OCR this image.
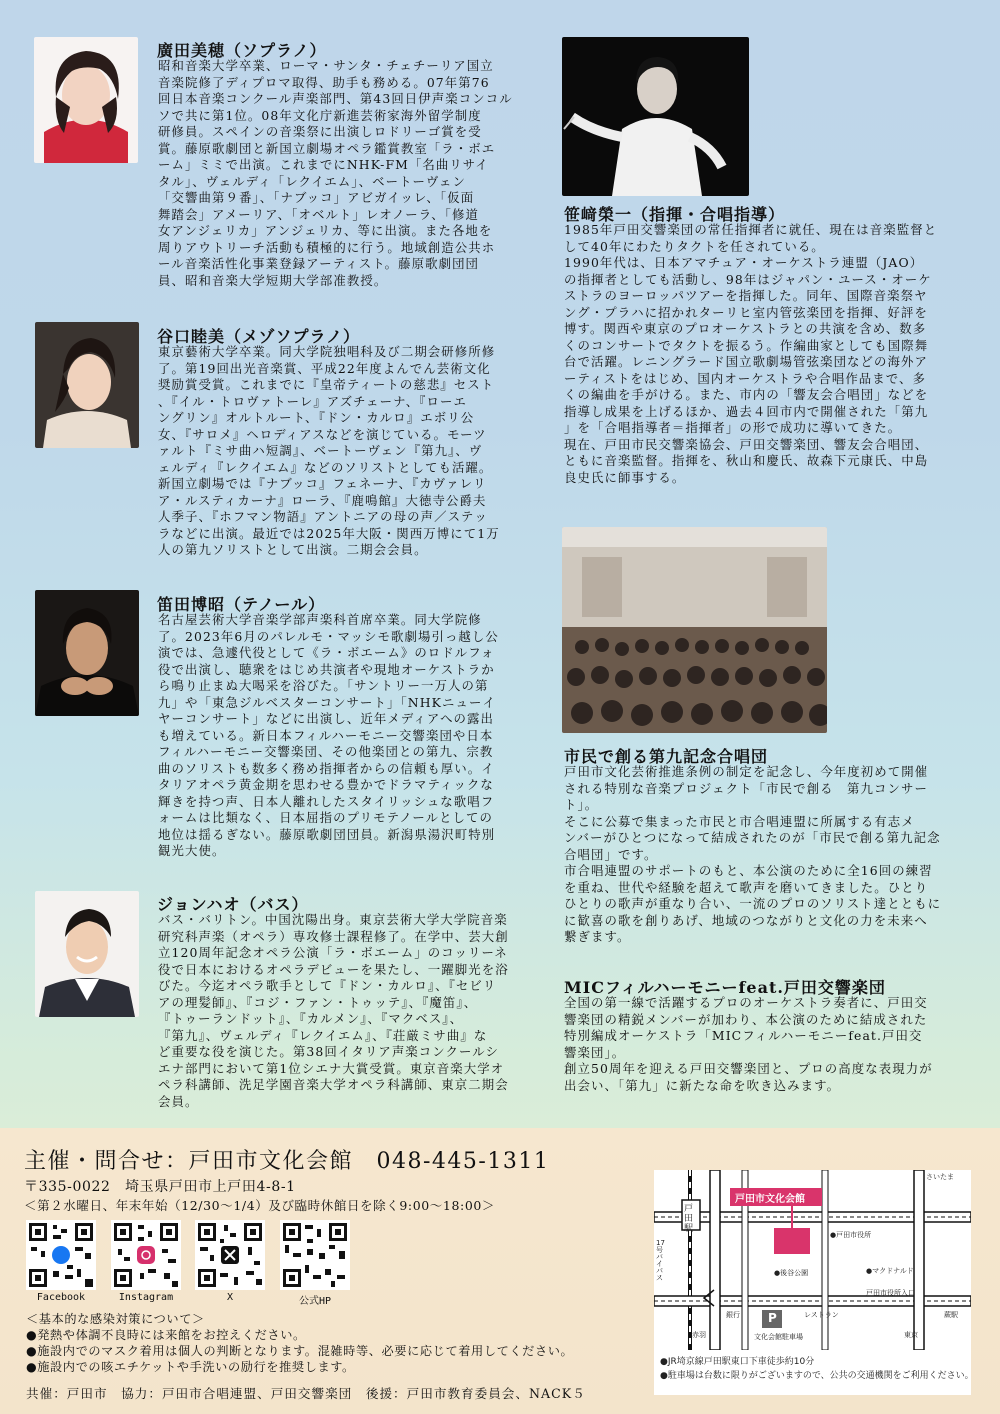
廣田美穂（ソプラノ）
昭和音楽大学卒業、ローマ・サンタ・チェチーリア国立
音楽院修了ディプロマ取得、助手も務める。07年第76
回日本音楽コンクール声楽部門、第43回日伊声楽コンコル
ソで共に第1位。08年文化庁新進芸術家海外留学制度
研修員。スペインの音楽祭に出演しロドリーゴ賞を受
賞。藤原歌劇団と新国立劇場オペラ鑑賞教室「ラ・ボエ
ーム」ミミで出演。これまでにNHK-FM「名曲リサイ
タル」、ヴェルディ「レクイエム」、ベートーヴェン
「交響曲第９番」、「ナブッコ」アビガイッレ、「仮面
舞踏会」アメーリア、「オベルト」レオノーラ、「修道
女アンジェリカ」アンジェリカ、等に出演。また各地を
周りアウトリーチ活動も積極的に行う。地域創造公共ホ
ール音楽活性化事業登録アーティスト。藤原歌劇団団
員、昭和音楽大学短期大学部准教授。
谷口睦美（メゾソプラノ）
東京藝術大学卒業。同大学院独唱科及び二期会研修所修
了。第19回出光音楽賞、平成22年度よんでん芸術文化
奨励賞受賞。これまでに『皇帝ティートの慈悲』セスト
、『イル・トロヴァトーレ』アズチェーナ、『ローエ
ングリン』オルトルート、『ドン・カルロ』エボリ公
女、『サロメ』ヘロディアスなどを演じている。モーツ
ァルト『ミサ曲ハ短調』、ベートーヴェン『第九』、ヴ
ェルディ『レクイエム』などのソリストとしても活躍。
新国立劇場では『ナブッコ』フェネーナ、『カヴァレリ
ア・ルスティカーナ』ローラ、『鹿鳴館』大徳寺公爵夫
人季子、『ホフマン物語』アントニアの母の声／ステッ
ラなどに出演。最近では2025年大阪・関西万博にて1万
人の第九ソリストとして出演。二期会会員。
笛田博昭（テノール）
名古屋芸術大学音楽学部声楽科首席卒業。同大学院修
了。2023年6月のパレルモ・マッシモ歌劇場引っ越し公
演では、急遽代役として《ラ・ボエーム》のロドルフォ
役で出演し、聴衆をはじめ共演者や現地オーケストラか
ら鳴り止まぬ大喝采を浴びた。「サントリー一万人の第
九」や「東急ジルベスターコンサート」「NHKニューイ
ヤーコンサート」などに出演し、近年メディアへの露出
も増えている。新日本フィルハーモニー交響楽団や日本
フィルハーモニー交響楽団、その他楽団との第九、宗教
曲のソリストも数多く務め指揮者からの信頼も厚い。イ
タリアオペラ黄金期を思わせる豊かでドラマティックな
輝きを持つ声、日本人離れしたスタイリッシュな歌唱フ
ォームは比類なく、日本屈指のプリモテノールとしての
地位は揺るぎない。藤原歌劇団団員。新潟県湯沢町特別
観光大使。
ジョンハオ（バス）
バス・バリトン。中国沈陽出身。東京芸術大学大学院音楽
研究科声楽（オペラ）専攻修士課程修了。在学中、芸大創
立120周年記念オペラ公演「ラ・ボエーム」のコッリーネ
役で日本におけるオペラデビューを果たし、一躍脚光を浴
びた。今迄オペラ歌手として『ドン・カルロ』、『セビリ
アの理髪師』、『コジ・ファン・トゥッテ』、『魔笛』、
『トゥーランドット』、『カルメン』、『マクベス』、
『第九』、ヴェルディ『レクイエム』、『荘厳ミサ曲』な
ど重要な役を演じた。第38回イタリア声楽コンクールシ
エナ部門において第1位シエナ大賞受賞。東京音楽大学オ
ペラ科講師、洗足学園音楽大学オペラ科講師、東京二期会
会員。
笹﨑榮一（指揮・合唱指導）
1985年戸田交響楽団の常任指揮者に就任、現在は音楽監督と
して40年にわたりタクトを任されている。
1990年代は、日本アマチュア・オーケストラ連盟（JAO）
の指揮者としても活動し、98年はジャパン・ユース・オーケ
ストラのヨーロッパツアーを指揮した。同年、国際音楽祭ヤ
ング・プラハに招かれターリヒ室内管弦楽団を指揮、好評を
博す。関西や東京のプロオーケストラとの共演を含め、数多
くのコンサートでタクトを振るう。作編曲家としても国際舞
台で活躍。レニングラード国立歌劇場管弦楽団などの海外ア
ーティストをはじめ、国内オーケストラや合唱作品まで、多
くの編曲を手がける。また、市内の「響友会合唱団」などを
指導し成果を上げるほか、過去４回市内で開催された「第九
」を「合唱指導者＝指揮者」の形で成功に導いてきた。
現在、戸田市民交響楽協会、戸田交響楽団、響友会合唱団、
ともに音楽監督。指揮を、秋山和慶氏、故森下元康氏、中島
良史氏に師事する。
市民で創る第九記念合唱団
戸田市文化芸術推進条例の制定を記念し、今年度初めて開催
される特別な音楽プロジェクト「市民で創る　第九コンサー
ト」。
そこに公募で集まった市民と市合唱連盟に所属する有志メ
ンバーがひとつになって結成されたのが「市民で創る第九記念
合唱団」です。
市合唱連盟のサポートのもと、本公演のために全16回の練習
を重ね、世代や経験を超えて歌声を磨いてきました。ひとり
ひとりの歌声が重なり合い、一流のプロのソリスト達とともに
に歓喜の歌を創りあげ、地域のつながりと文化の力を未来へ
繋ぎます。
MICフィルハーモニーfeat.戸田交響楽団
全国の第一線で活躍するプロのオーケストラ奏者に、戸田交
響楽団の精鋭メンバーが加わり、本公演のために結成された
特別編成オーケストラ「MICフィルハーモニーfeat.戸田交
響楽団」。
創立50周年を迎える戸田交響楽団と、プロの高度な表現力が
出会い、「第九」に新たな命を吹き込みます。
主催・問合せ：戸田市文化会館　048-445-1311
〒335-0022　埼玉県戸田市上戸田4-8-1
＜第２水曜日、年末年始（12/30〜1/4）及び臨時休館日を除く9:00〜18:00＞
Facebook	Instagram	X	公式HP
＜基本的な感染対策について＞
●発熱や体調不良時には来館をお控えください。
●施設内でのマスク着用は個人の判断となります。混雑時等、必要に応じて着用してください。
●施設内での咳エチケットや手洗いの励行を推奨します。
共催：戸田市　協力：戸田市合唱連盟、戸田交響楽団　後援：戸田市教育委員会、NACK５
戸田市文化会館
戸田駅
さいたま
17号バイパス
●戸田市役所
●マクドナルド
●後谷公園
戸田市役所入口
銀行	レストラン
P
文化会館駐車場
赤羽
蕨駅
東京
●JR埼京線戸田駅東口下車徒歩約10分
●駐車場は台数に限りがございますので、公共の交通機関をご利用ください。
